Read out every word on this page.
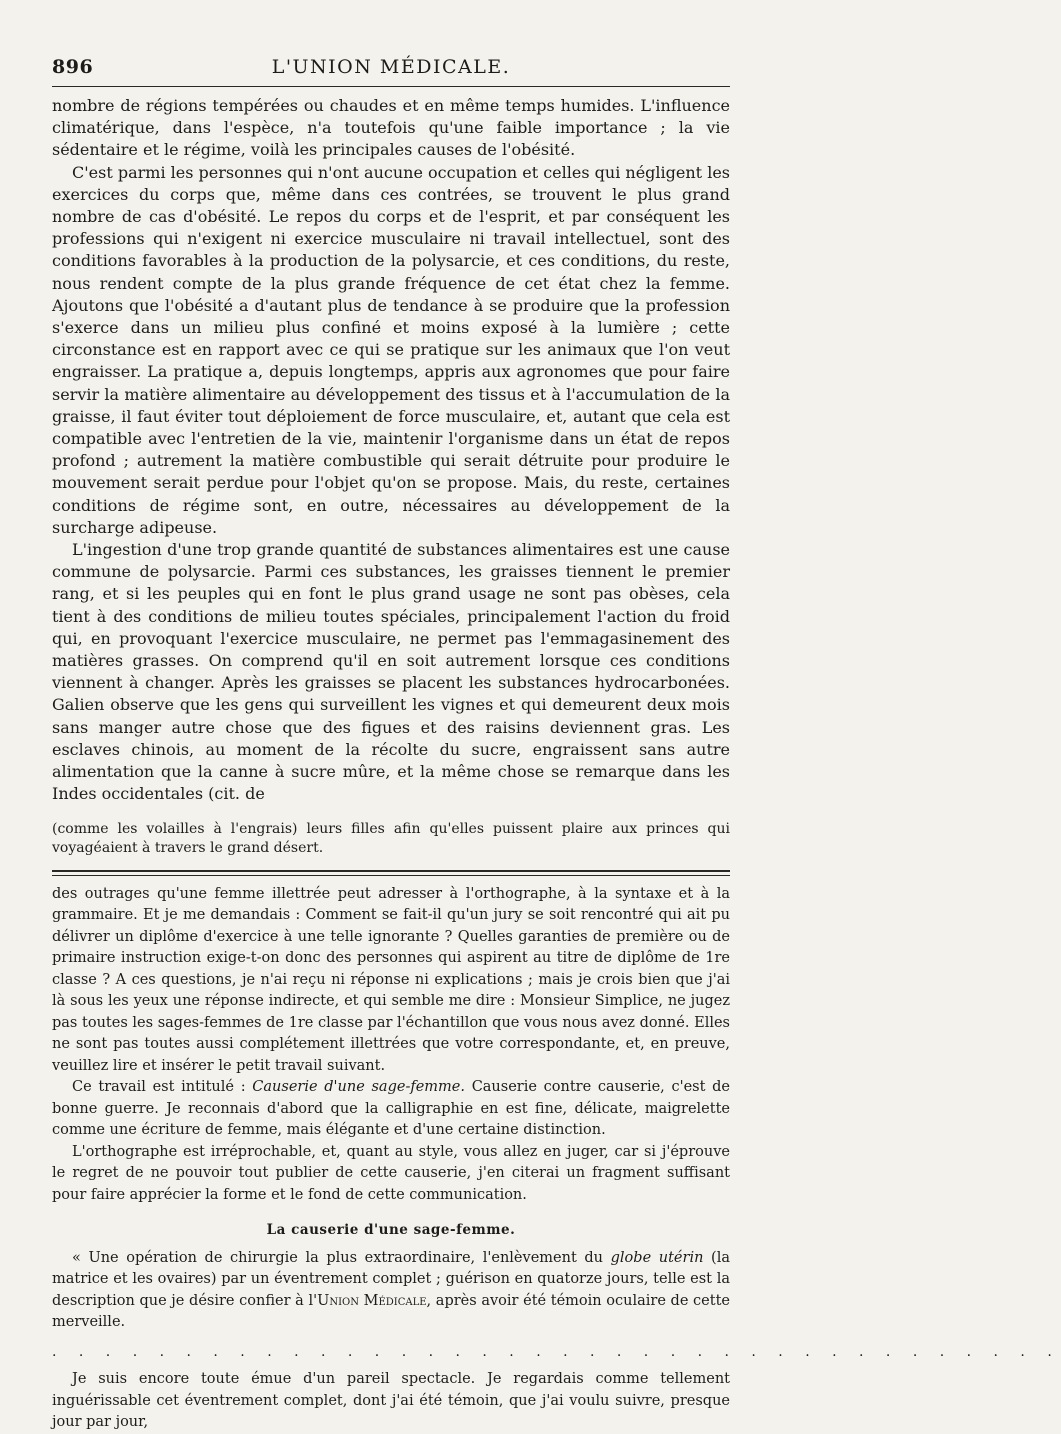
896	L'UNION MÉDICALE.

nombre de régions tempérées ou chaudes et en même temps humides. L'influence climatérique, dans l'espèce, n'a toutefois qu'une faible importance ; la vie sédentaire et le régime, voilà les principales causes de l'obésité.

C'est parmi les personnes qui n'ont aucune occupation et celles qui négligent les exercices du corps que, même dans ces contrées, se trouvent le plus grand nombre de cas d'obésité. Le repos du corps et de l'esprit, et par conséquent les professions qui n'exigent ni exercice musculaire ni travail intellectuel, sont des conditions favorables à la production de la polysarcie, et ces conditions, du reste, nous rendent compte de la plus grande fréquence de cet état chez la femme. Ajoutons que l'obésité a d'autant plus de tendance à se produire que la profession s'exerce dans un milieu plus confiné et moins exposé à la lumière ; cette circonstance est en rapport avec ce qui se pratique sur les animaux que l'on veut engraisser. La pratique a, depuis longtemps, appris aux agronomes que pour faire servir la matière alimentaire au développement des tissus et à l'accumulation de la graisse, il faut éviter tout déploiement de force musculaire, et, autant que cela est compatible avec l'entretien de la vie, maintenir l'organisme dans un état de repos profond ; autrement la matière combustible qui serait détruite pour produire le mouvement serait perdue pour l'objet qu'on se propose. Mais, du reste, certaines conditions de régime sont, en outre, nécessaires au développement de la surcharge adipeuse.

L'ingestion d'une trop grande quantité de substances alimentaires est une cause commune de polysarcie. Parmi ces substances, les graisses tiennent le premier rang, et si les peuples qui en font le plus grand usage ne sont pas obèses, cela tient à des conditions de milieu toutes spéciales, principalement l'action du froid qui, en provoquant l'exercice musculaire, ne permet pas l'emmagasinement des matières grasses. On comprend qu'il en soit autrement lorsque ces conditions viennent à changer. Après les graisses se placent les substances hydrocarbonées. Galien observe que les gens qui surveillent les vignes et qui demeurent deux mois sans manger autre chose que des figues et des raisins deviennent gras. Les esclaves chinois, au moment de la récolte du sucre, engraissent sans autre alimentation que la canne à sucre mûre, et la même chose se remarque dans les Indes occidentales (cit. de

(comme les volailles à l'engrais) leurs filles afin qu'elles puissent plaire aux princes qui voyagéaient à travers le grand désert.

des outrages qu'une femme illettrée peut adresser à l'orthographe, à la syntaxe et à la grammaire. Et je me demandais : Comment se fait-il qu'un jury se soit rencontré qui ait pu délivrer un diplôme d'exercice à une telle ignorante ? Quelles garanties de première ou de primaire instruction exige-t-on donc des personnes qui aspirent au titre de diplôme de 1re classe ? A ces questions, je n'ai reçu ni réponse ni explications ; mais je crois bien que j'ai là sous les yeux une réponse indirecte, et qui semble me dire : Monsieur Simplice, ne jugez pas toutes les sages-femmes de 1re classe par l'échantillon que vous nous avez donné. Elles ne sont pas toutes aussi complétement illettrées que votre correspondante, et, en preuve, veuillez lire et insérer le petit travail suivant.

Ce travail est intitulé : Causerie d'une sage-femme. Causerie contre causerie, c'est de bonne guerre. Je reconnais d'abord que la calligraphie en est fine, délicate, maigrelette comme une écriture de femme, mais élégante et d'une certaine distinction.

L'orthographe est irréprochable, et, quant au style, vous allez en juger, car si j'éprouve le regret de ne pouvoir tout publier de cette causerie, j'en citerai un fragment suffisant pour faire apprécier la forme et le fond de cette communication.

La causerie d'une sage-femme.

« Une opération de chirurgie la plus extraordinaire, l'enlèvement du globe utérin (la matrice et les ovaires) par un éventrement complet ; guérison en quatorze jours, telle est la description que je désire confier à l'Union Médicale, après avoir été témoin oculaire de cette merveille.

. . . . . . . . . . . . . . . . . . . . . . . . . . . . . . . . . . . . . .

Je suis encore toute émue d'un pareil spectacle. Je regardais comme tellement inguérissable cet éventrement complet, dont j'ai été témoin, que j'ai voulu suivre, presque jour par jour,
